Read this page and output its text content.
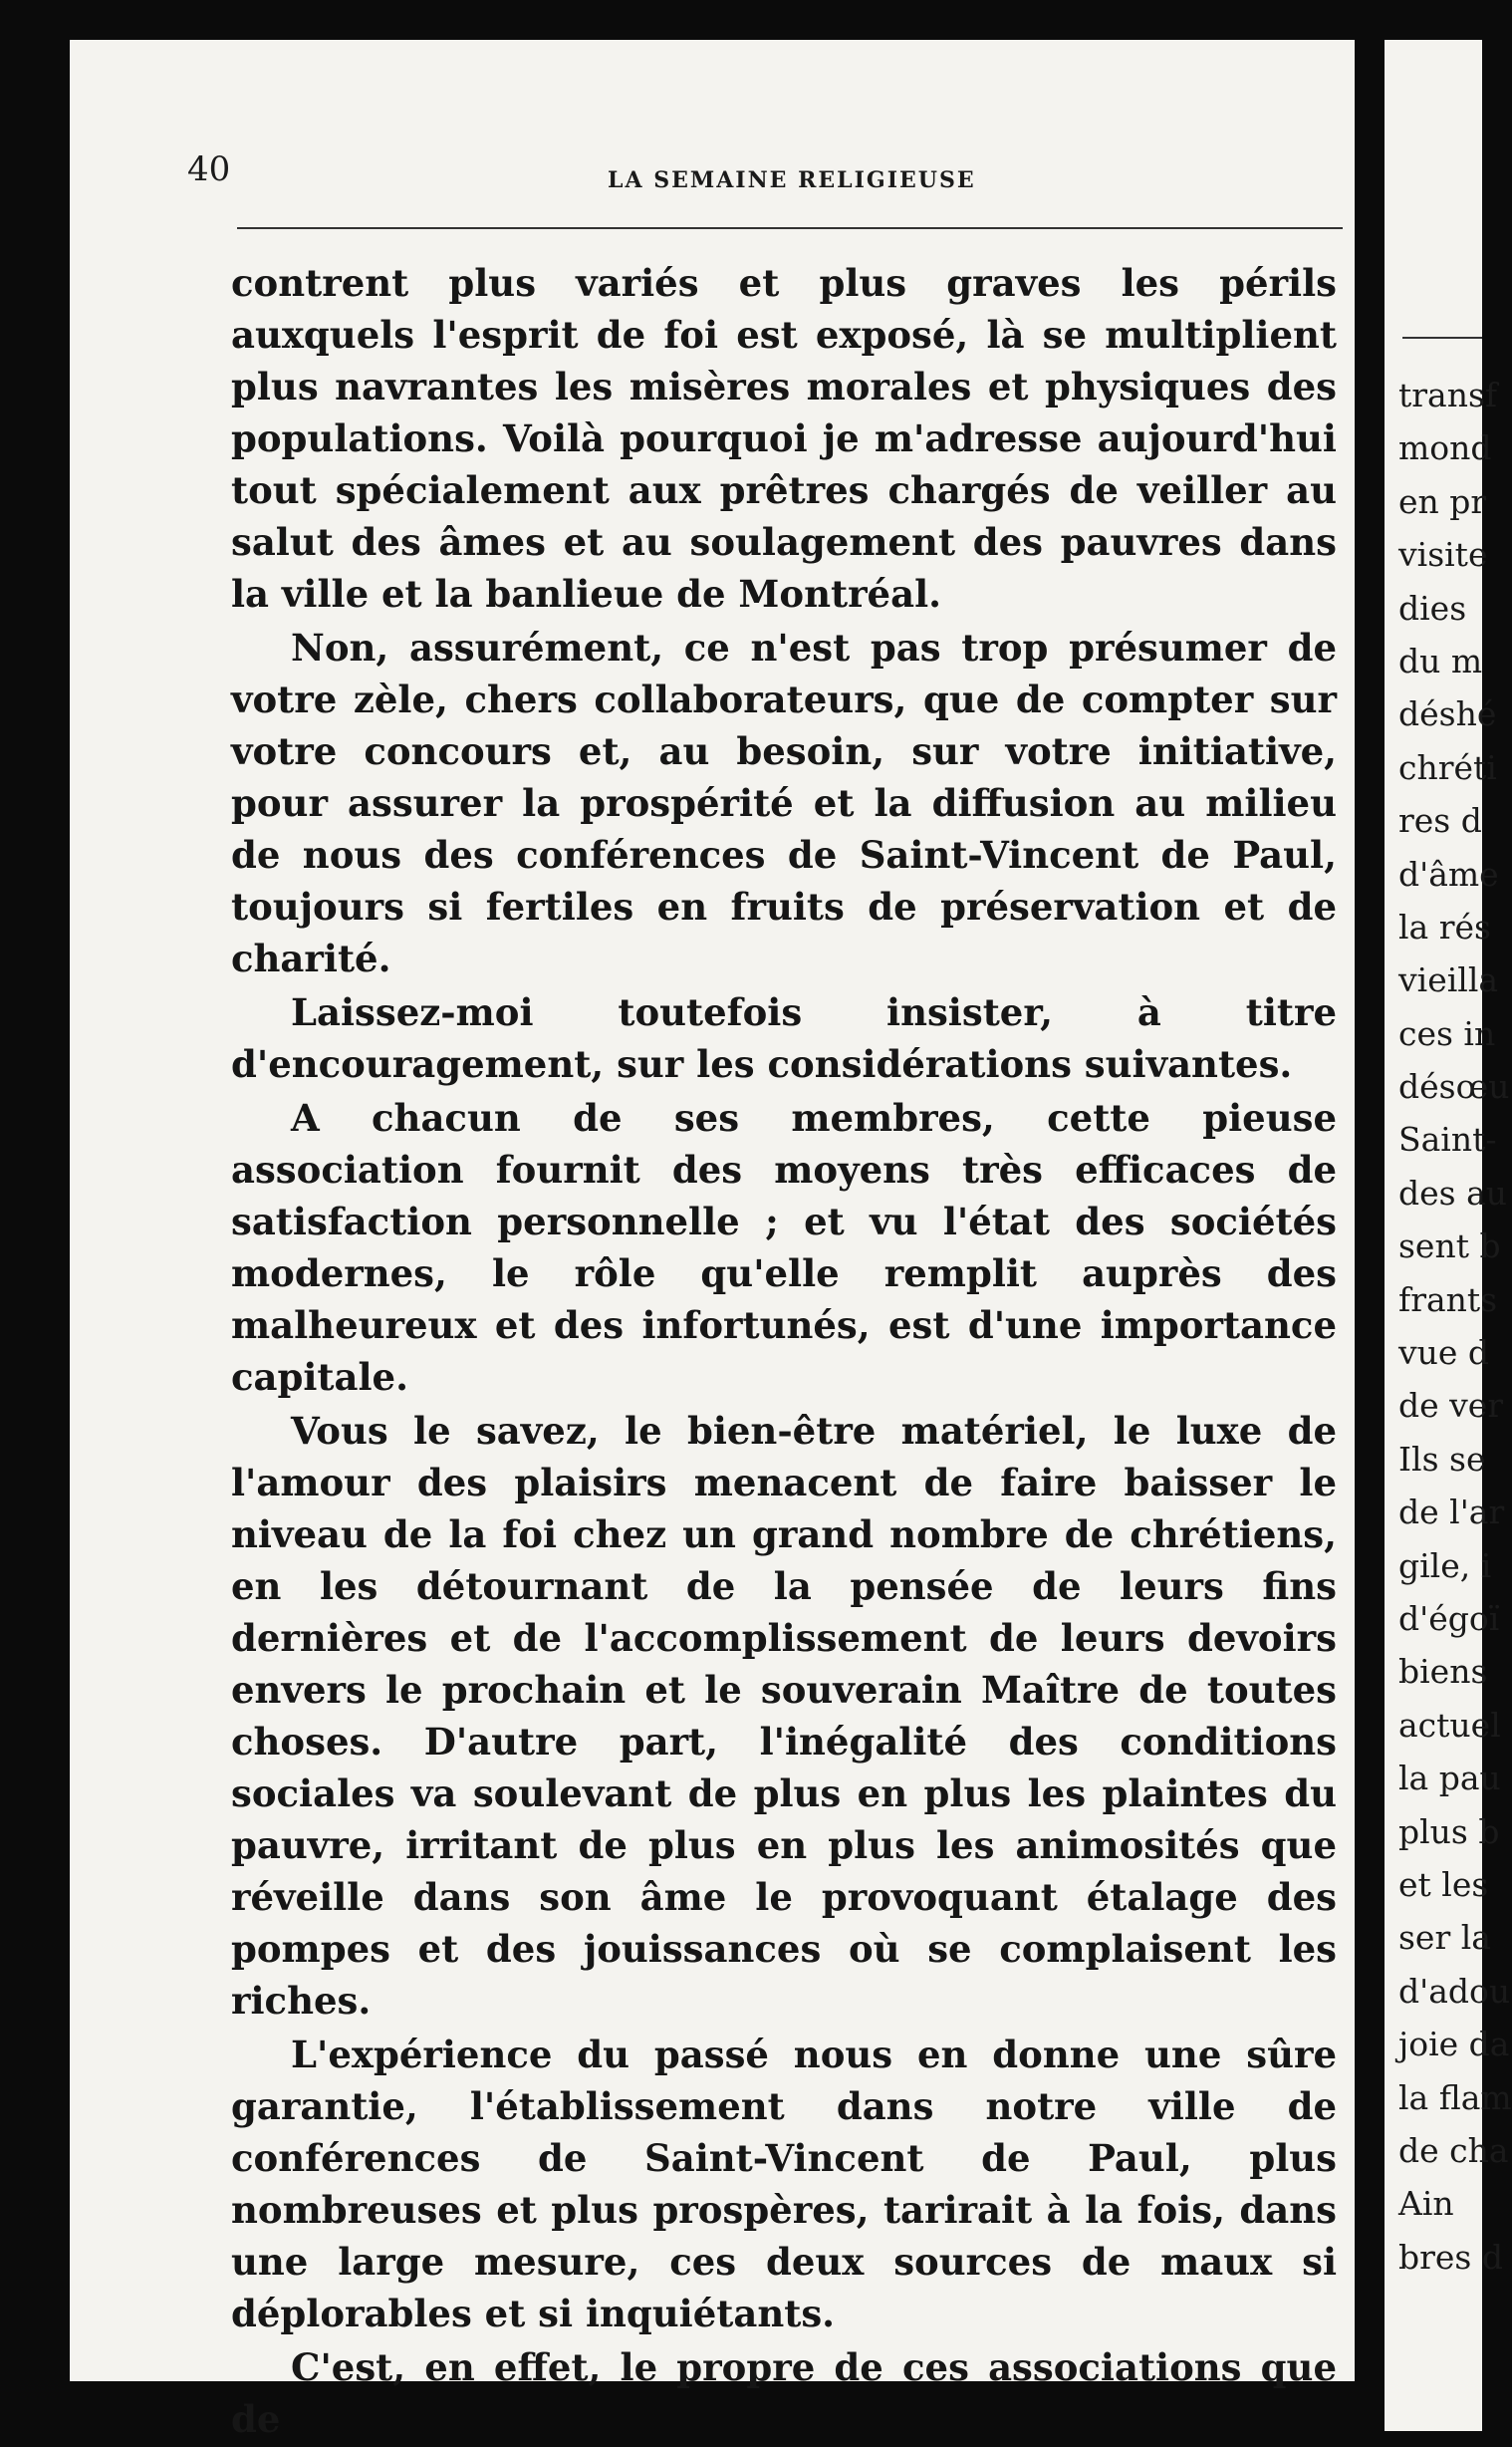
40	LA SEMAINE RELIGIEUSE

contrent plus variés et plus graves les périls auxquels l'esprit de foi est exposé, là se multiplient plus navrantes les misères morales et physiques des populations. Voilà pourquoi je m'adresse aujourd'hui tout spécialement aux prêtres chargés de veiller au salut des âmes et au soulagement des pauvres dans la ville et la banlieue de Montréal.

Non, assurément, ce n'est pas trop présumer de votre zèle, chers collaborateurs, que de compter sur votre concours et, au besoin, sur votre initiative, pour assurer la prospérité et la diffusion au milieu de nous des conférences de Saint-Vincent de Paul, toujours si fertiles en fruits de préservation et de charité.

Laissez-moi toutefois insister, à titre d'encouragement, sur les considérations suivantes.

A chacun de ses membres, cette pieuse association fournit des moyens très efficaces de satisfaction personnelle ; et vu l'état des sociétés modernes, le rôle qu'elle remplit auprès des malheureux et des infortunés, est d'une importance capitale.

Vous le savez, le bien-être matériel, le luxe de l'amour des plaisirs menacent de faire baisser le niveau de la foi chez un grand nombre de chrétiens, en les détournant de la pensée de leurs fins dernières et de l'accomplissement de leurs devoirs envers le prochain et le souverain Maître de toutes choses. D'autre part, l'inégalité des conditions sociales va soulevant de plus en plus les plaintes du pauvre, irritant de plus en plus les animosités que réveille dans son âme le provoquant étalage des pompes et des jouissances où se complaisent les riches.

L'expérience du passé nous en donne une sûre garantie, l'établissement dans notre ville de conférences de Saint-Vincent de Paul, plus nombreuses et plus prospères, tarirait à la fois, dans une large mesure, ces deux sources de maux si déplorables et si inquiétants.

C'est, en effet, le propre de ces associations que de

transf
mond
en pr
visite
dies
du m
déshé
chréti
res d
d'âme
la rés
vieilla
ces in
désœu
Saint-
des au
sent b
frants
vue d
de ver
Ils se
de l'ar
gile, i
d'égoï
biens
actuel
la pau
plus b
et les
ser la
d'adou
joie da
la flam
de cha
Ain
bres d
